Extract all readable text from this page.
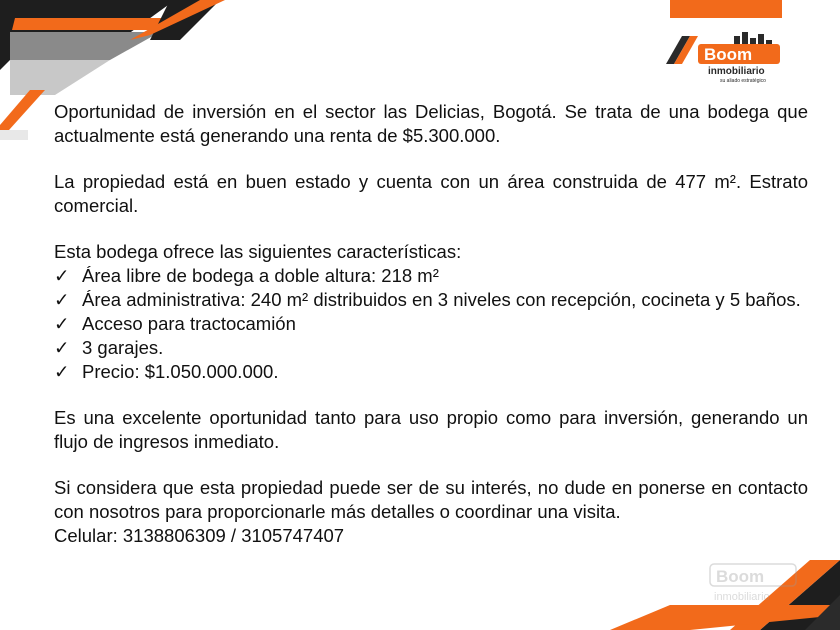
Boom
inmobiliario
su aliado estratégico

Oportunidad de inversión en el sector las Delicias, Bogotá. Se trata de una bodega que actualmente está generando una renta de $5.300.000.

La propiedad está en buen estado y cuenta con un área construida de 477 m². Estrato comercial.

Esta bodega ofrece las siguientes características:
✓ Área libre de bodega a doble altura: 218 m²
✓ Área administrativa: 240 m² distribuidos en 3 niveles con recepción, cocineta y 5 baños.
✓ Acceso para tractocamión
✓ 3 garajes.
✓ Precio: $1.050.000.000.

Es una excelente oportunidad tanto para uso propio como para inversión, generando un flujo de ingresos inmediato.

Si considera que esta propiedad puede ser de su interés, no dude en ponerse en contacto con nosotros para proporcionarle más detalles o coordinar una visita.

Celular: 3138806309 / 3105747407
Boom
inmobiliario
